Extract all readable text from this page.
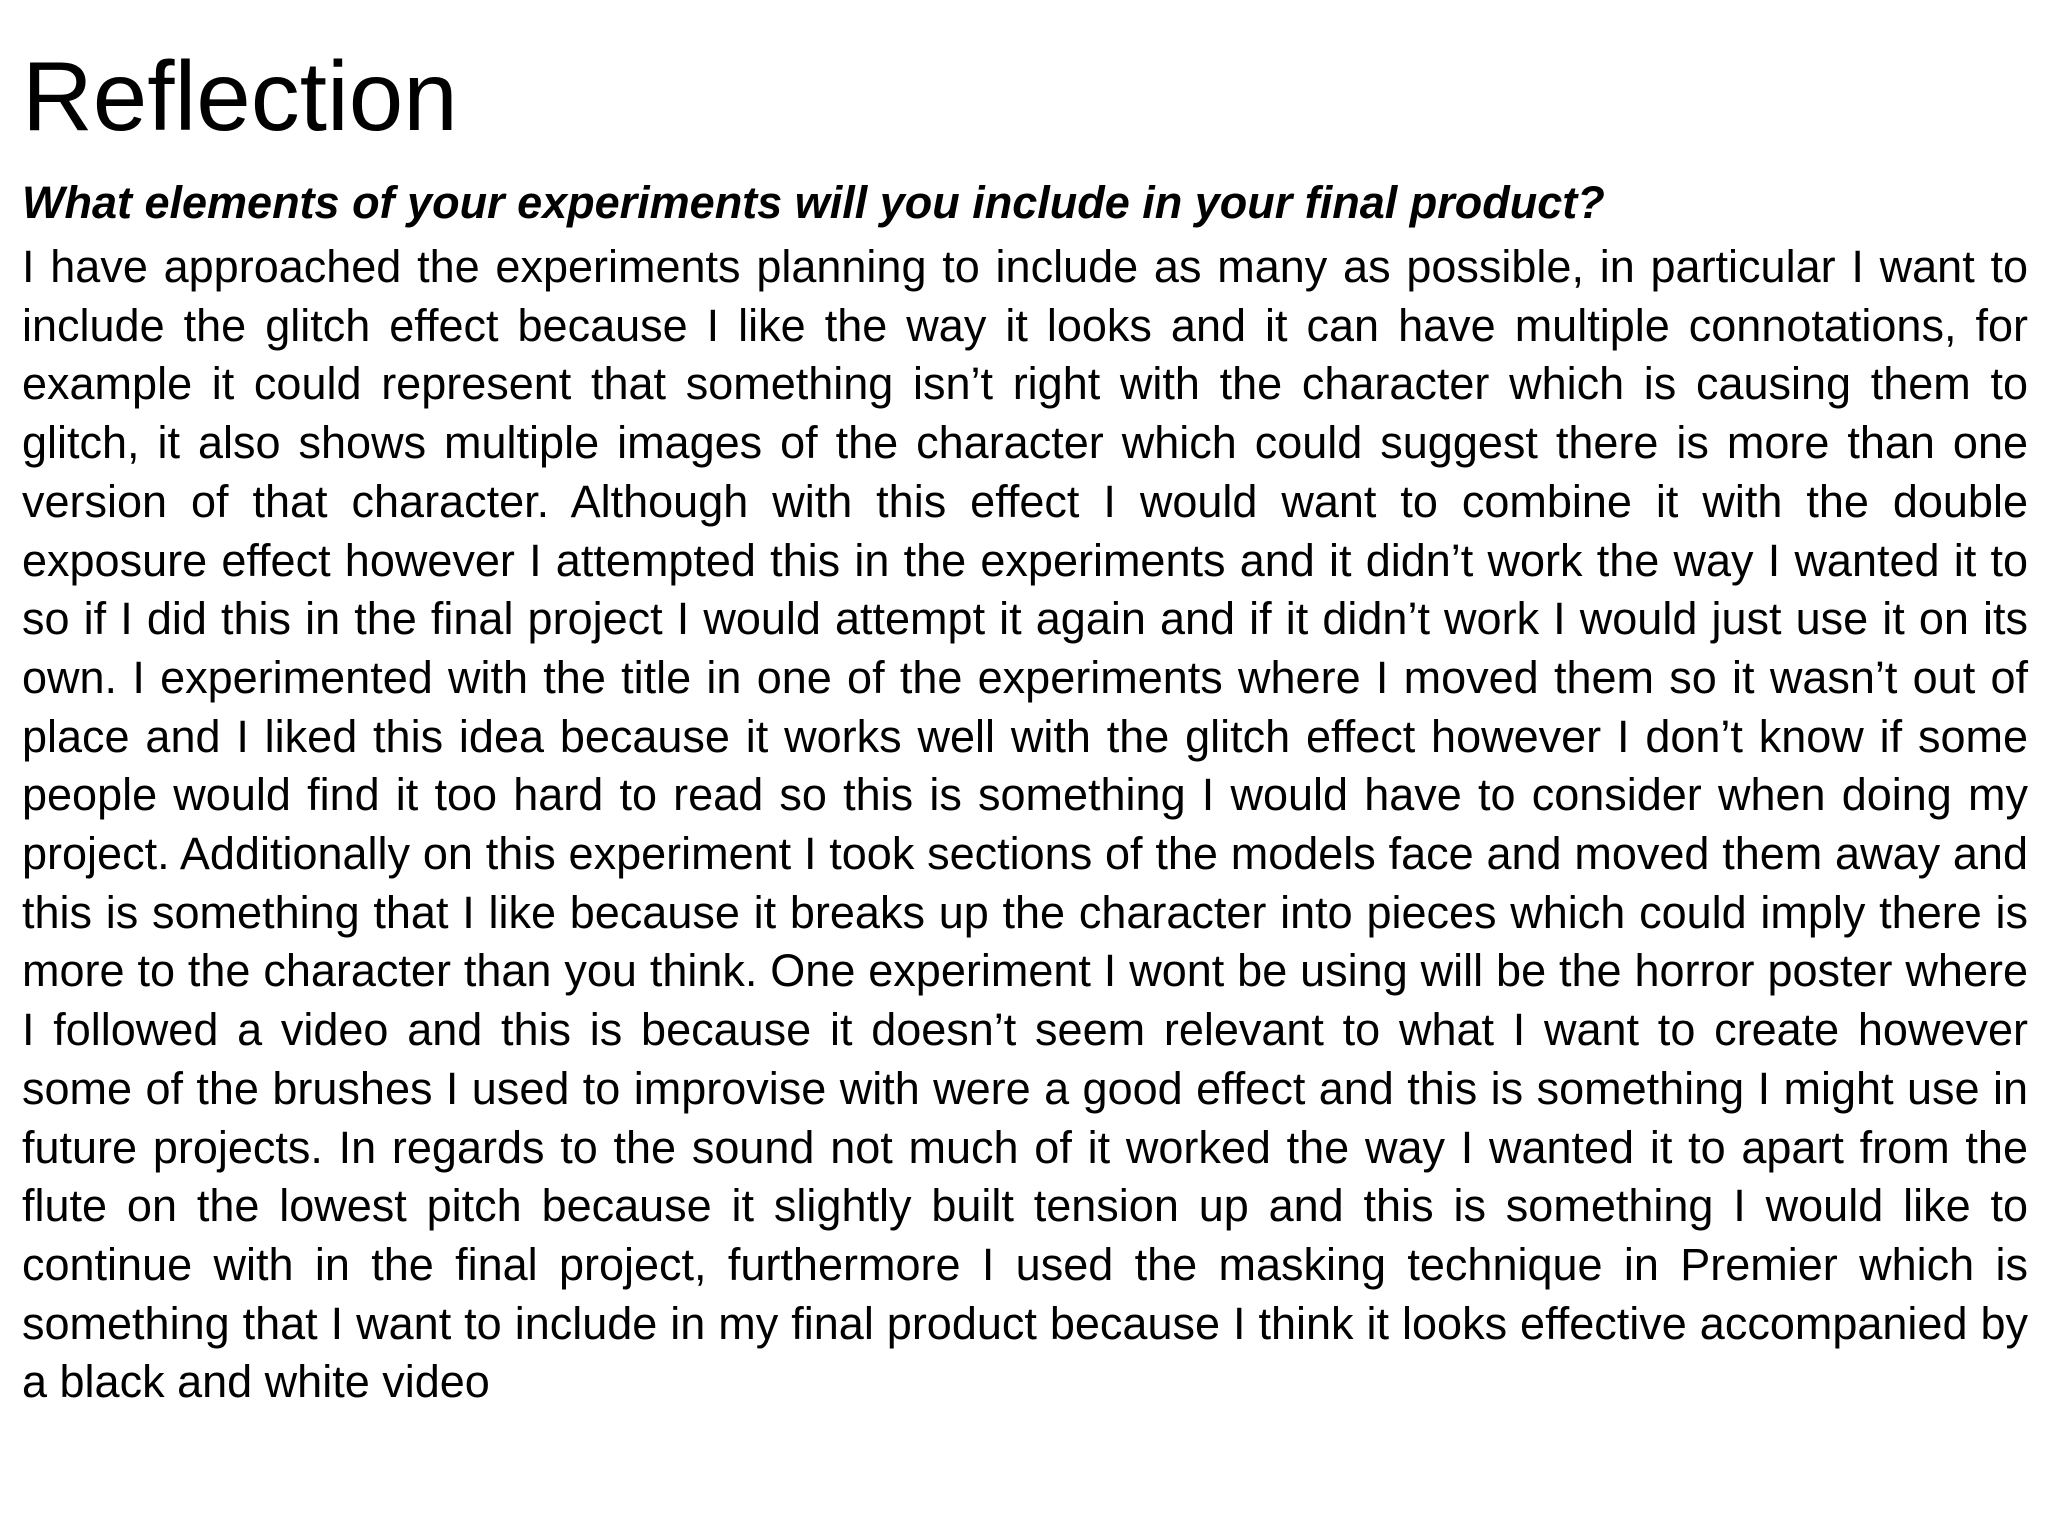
Reflection
What elements of your experiments will you include in your final product?

I have approached the experiments planning to include as many as possible, in particular I want to include the glitch effect because I like the way it looks and it can have multiple connotations, for example it could represent that something isn’t right with the character which is causing them to glitch, it also shows multiple images of the character which could suggest there is more than one version of that character. Although with this effect I would want to combine it with the double exposure effect however I attempted this in the experiments and it didn’t work the way I wanted it to so if I did this in the final project I would attempt it again and if it didn’t work I would just use it on its own. I experimented with the title in one of the experiments where I moved them so it wasn’t out of place and I liked this idea because it works well with the glitch effect however I don’t know if some people would find it too hard to read so this is something I would have to consider when doing my project. Additionally on this experiment I took sections of the models face and moved them away and this is something that I like because it breaks up the character into pieces which could imply there is more to the character than you think. One experiment I wont be using will be the horror poster where I followed a video and this is because it doesn’t seem relevant to what I want to create however some of the brushes I used to improvise with were a good effect and this is something I might use in future projects. In regards to the sound not much of it worked the way I wanted it to apart from the flute on the lowest pitch because it slightly built tension up and this is something I would like to continue with in the final project, furthermore I used the masking technique in Premier which is something that I want to include in my final product because I think it looks effective accompanied by a black and white video
